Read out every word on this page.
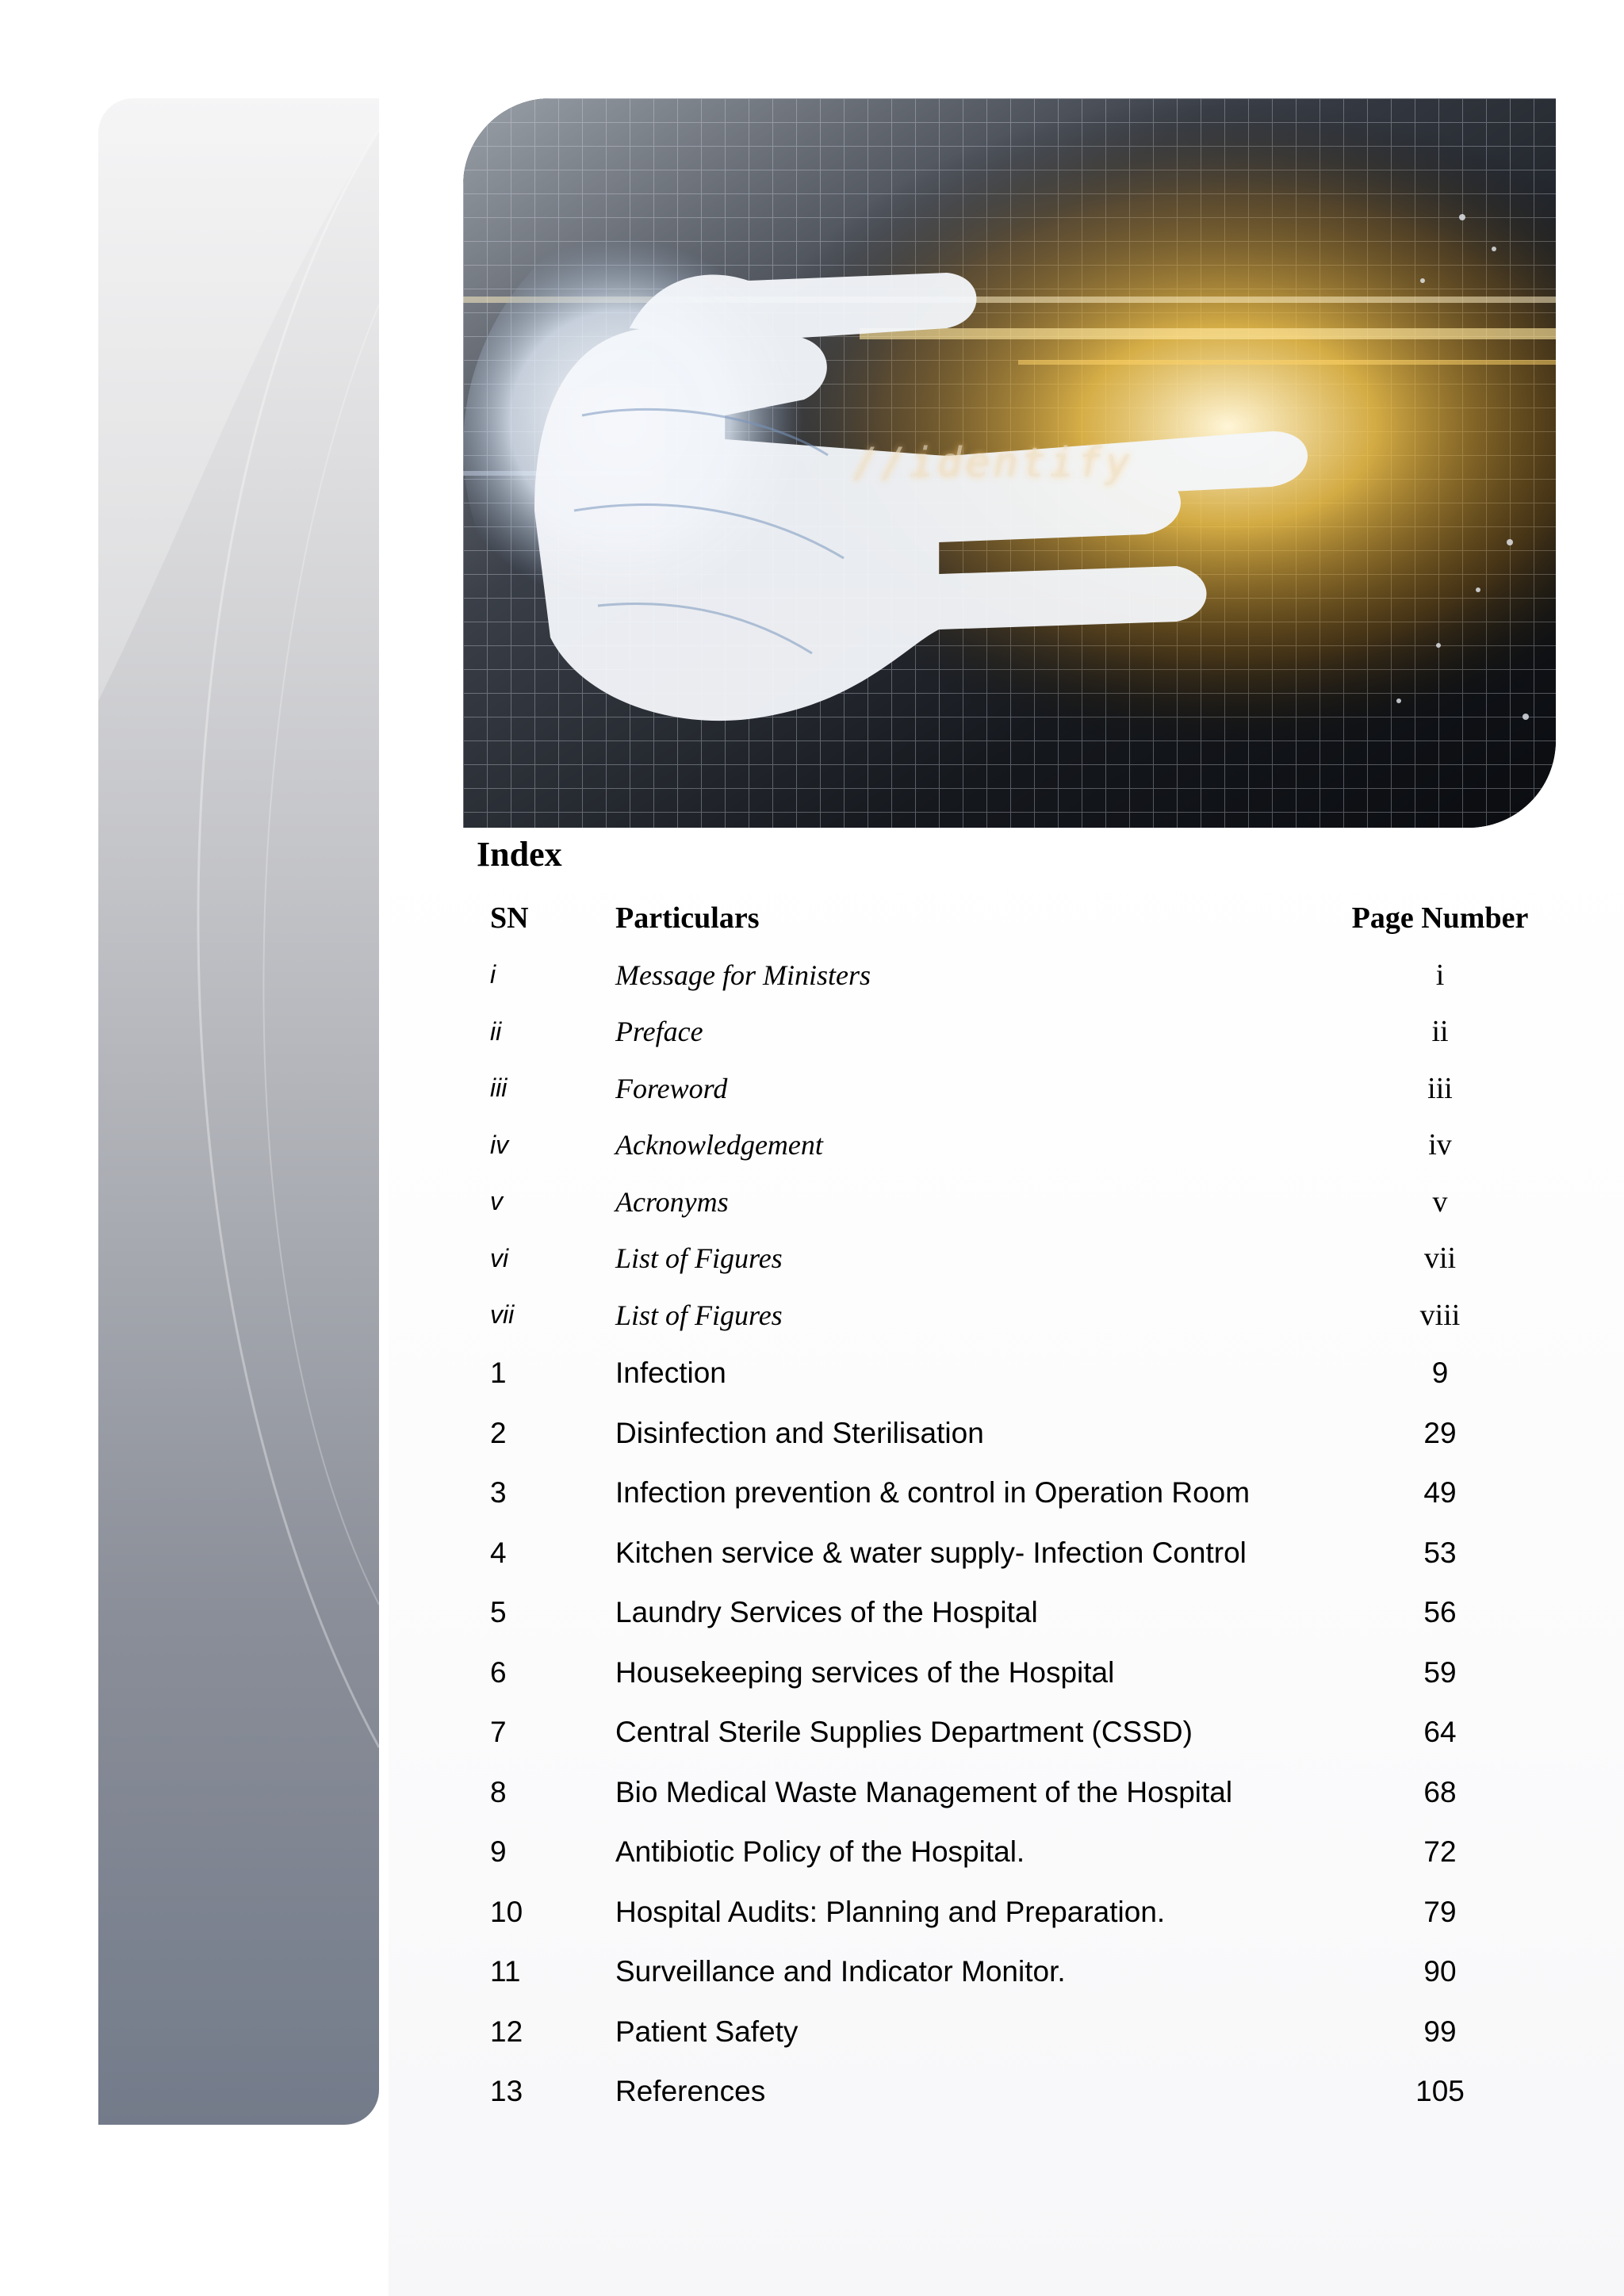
//identify
Index
SN	Particulars	Page Number
i	Message for Ministers	i
ii	Preface	ii
iii	Foreword	iii
iv	Acknowledgement	iv
v	Acronyms	v
vi	List of Figures	vii
vii	List of Figures	viii
1	Infection	9
2	Disinfection and Sterilisation	29
3	Infection prevention & control in Operation Room	49
4	Kitchen service & water supply- Infection Control	53
5	Laundry Services of the Hospital	56
6	Housekeeping services of the Hospital	59
7	Central Sterile Supplies Department (CSSD)	64
8	Bio Medical Waste Management of the Hospital	68
9	Antibiotic Policy of the Hospital.	72
10	Hospital Audits: Planning and Preparation.	79
11	Surveillance and Indicator Monitor.	90
12	Patient Safety	99
13	References	105
